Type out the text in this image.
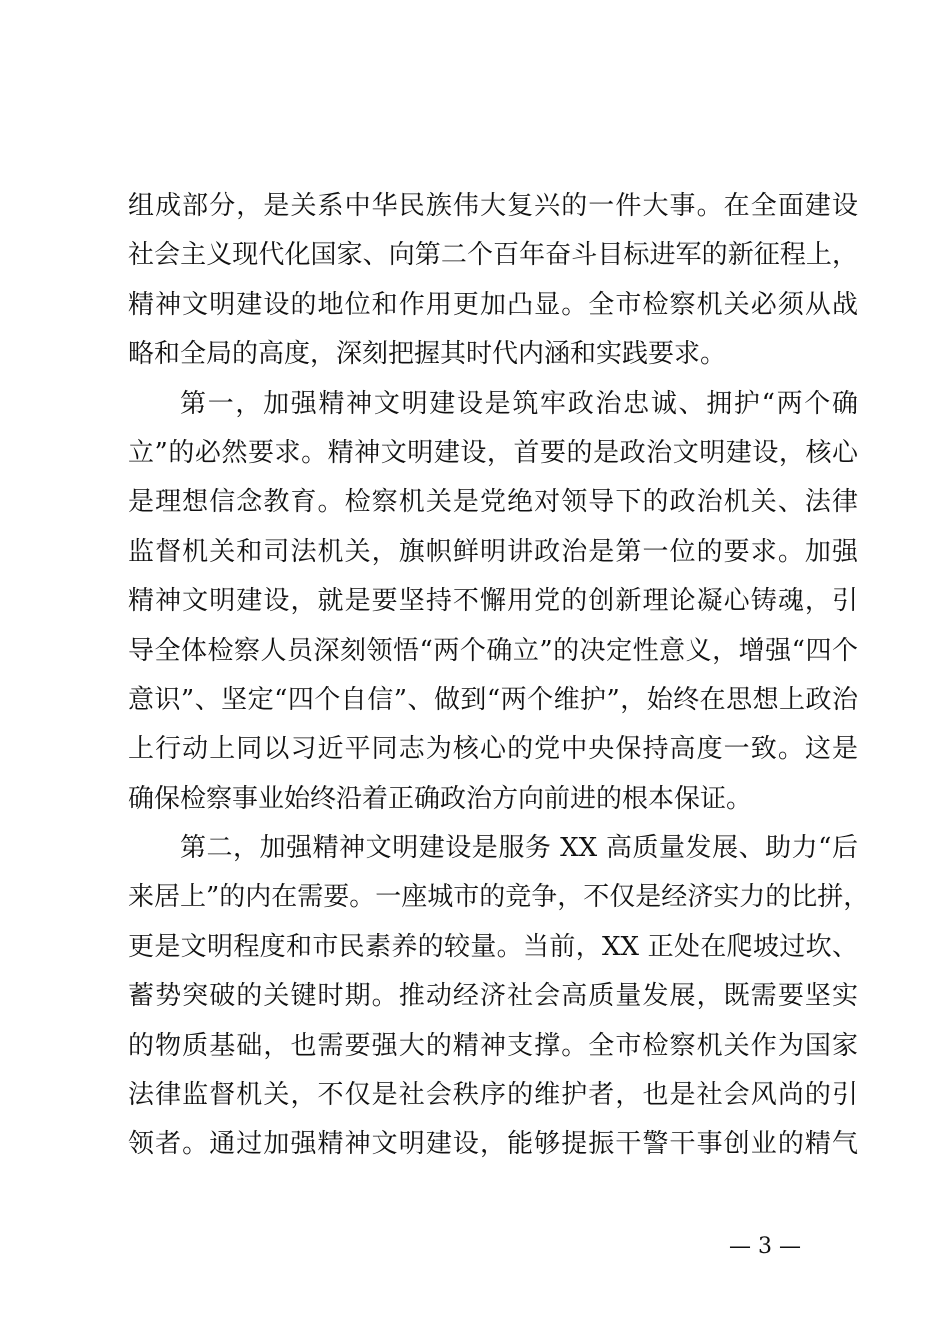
组成部分，是关系中华民族伟大复兴的一件大事。在全面建设
社会主义现代化国家、向第二个百年奋斗目标进军的新征程上，
精神文明建设的地位和作用更加凸显。全市检察机关必须从战
略和全局的高度，深刻把握其时代内涵和实践要求。
第一，加强精神文明建设是筑牢政治忠诚、拥护“两个确
立”的必然要求。精神文明建设，首要的是政治文明建设，核心
是理想信念教育。检察机关是党绝对领导下的政治机关、法律
监督机关和司法机关，旗帜鲜明讲政治是第一位的要求。加强
精神文明建设，就是要坚持不懈用党的创新理论凝心铸魂，引
导全体检察人员深刻领悟“两个确立”的决定性意义，增强“四个
意识”、坚定“四个自信”、做到“两个维护”，始终在思想上政治
上行动上同以习近平同志为核心的党中央保持高度一致。这是
确保检察事业始终沿着正确政治方向前进的根本保证。
第二，加强精神文明建设是服务 XX 高质量发展、助力“后
来居上”的内在需要。一座城市的竞争，不仅是经济实力的比拼，
更是文明程度和市民素养的较量。当前，XX 正处在爬坡过坎、
蓄势突破的关键时期。推动经济社会高质量发展，既需要坚实
的物质基础，也需要强大的精神支撑。全市检察机关作为国家
法律监督机关，不仅是社会秩序的维护者，也是社会风尚的引
领者。通过加强精神文明建设，能够提振干警干事创业的精气
— 3 —
